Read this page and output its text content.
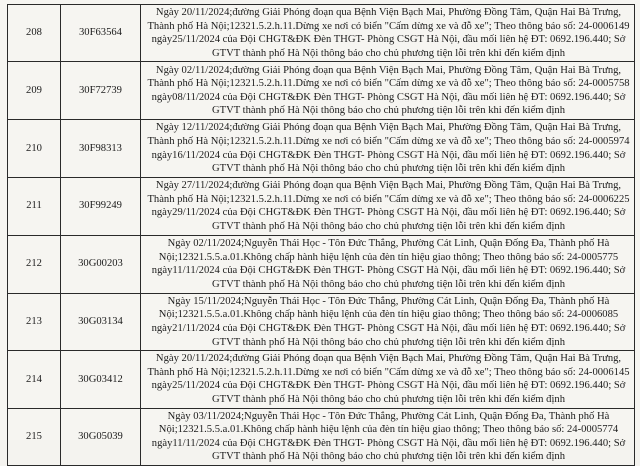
208	30F63564	Ngày 20/11/2024;đường Giải Phóng đoạn qua Bệnh Viện Bạch Mai, Phường Đồng Tâm, Quận Hai Bà Trưng, Thành phố Hà Nội;12321.5.2.h.11.Dừng xe nơi có biển "Cấm dừng xe và đỗ xe"; Theo thông báo số: 24-0006149 ngày25/11/2024 của Đội CHGT&ĐK Đèn THGT- Phòng CSGT Hà Nội, đầu mối liên hệ ĐT: 0692.196.440; Sở GTVT thành phố Hà Nội thông báo cho chủ phương tiện lỗi trên khi đến kiểm định
209	30F72739	Ngày 02/11/2024;đường Giải Phóng đoạn qua Bệnh Viện Bạch Mai, Phường Đồng Tâm, Quận Hai Bà Trưng, Thành phố Hà Nội;12321.5.2.h.11.Dừng xe nơi có biển "Cấm dừng xe và đỗ xe"; Theo thông báo số: 24-0005758 ngày08/11/2024 của Đội CHGT&ĐK Đèn THGT- Phòng CSGT Hà Nội, đầu mối liên hệ ĐT: 0692.196.440; Sở GTVT thành phố Hà Nội thông báo cho chủ phương tiện lỗi trên khi đến kiểm định
210	30F98313	Ngày 12/11/2024;đường Giải Phóng đoạn qua Bệnh Viện Bạch Mai, Phường Đồng Tâm, Quận Hai Bà Trưng, Thành phố Hà Nội;12321.5.2.h.11.Dừng xe nơi có biển "Cấm dừng xe và đỗ xe"; Theo thông báo số: 24-0005974 ngày16/11/2024 của Đội CHGT&ĐK Đèn THGT- Phòng CSGT Hà Nội, đầu mối liên hệ ĐT: 0692.196.440; Sở GTVT thành phố Hà Nội thông báo cho chủ phương tiện lỗi trên khi đến kiểm định
211	30F99249	Ngày 27/11/2024;đường Giải Phóng đoạn qua Bệnh Viện Bạch Mai, Phường Đồng Tâm, Quận Hai Bà Trưng, Thành phố Hà Nội;12321.5.2.h.11.Dừng xe nơi có biển "Cấm dừng xe và đỗ xe"; Theo thông báo số: 24-0006225 ngày29/11/2024 của Đội CHGT&ĐK Đèn THGT- Phòng CSGT Hà Nội, đầu mối liên hệ ĐT: 0692.196.440; Sở GTVT thành phố Hà Nội thông báo cho chủ phương tiện lỗi trên khi đến kiểm định
212	30G00203	Ngày 02/11/2024;Nguyễn Thái Học - Tôn Đức Thắng, Phường Cát Linh, Quận Đống Đa, Thành phố Hà Nội;12321.5.5.a.01.Không chấp hành hiệu lệnh của đèn tín hiệu giao thông; Theo thông báo số: 24-0005775 ngày11/11/2024 của Đội CHGT&ĐK Đèn THGT- Phòng CSGT Hà Nội, đầu mối liên hệ ĐT: 0692.196.440; Sở GTVT thành phố Hà Nội thông báo cho chủ phương tiện lỗi trên khi đến kiểm định
213	30G03134	Ngày 15/11/2024;Nguyễn Thái Học - Tôn Đức Thắng, Phường Cát Linh, Quận Đống Đa, Thành phố Hà Nội;12321.5.5.a.01.Không chấp hành hiệu lệnh của đèn tín hiệu giao thông; Theo thông báo số: 24-0006085 ngày21/11/2024 của Đội CHGT&ĐK Đèn THGT- Phòng CSGT Hà Nội, đầu mối liên hệ ĐT: 0692.196.440; Sở GTVT thành phố Hà Nội thông báo cho chủ phương tiện lỗi trên khi đến kiểm định
214	30G03412	Ngày 20/11/2024;đường Giải Phóng đoạn qua Bệnh Viện Bạch Mai, Phường Đồng Tâm, Quận Hai Bà Trưng, Thành phố Hà Nội;12321.5.2.h.11.Dừng xe nơi có biển "Cấm dừng xe và đỗ xe"; Theo thông báo số: 24-0006145 ngày25/11/2024 của Đội CHGT&ĐK Đèn THGT- Phòng CSGT Hà Nội, đầu mối liên hệ ĐT: 0692.196.440; Sở GTVT thành phố Hà Nội thông báo cho chủ phương tiện lỗi trên khi đến kiểm định
215	30G05039	Ngày 03/11/2024;Nguyễn Thái Học - Tôn Đức Thắng, Phường Cát Linh, Quận Đống Đa, Thành phố Hà Nội;12321.5.5.a.01.Không chấp hành hiệu lệnh của đèn tín hiệu giao thông; Theo thông báo số: 24-0005774 ngày11/11/2024 của Đội CHGT&ĐK Đèn THGT- Phòng CSGT Hà Nội, đầu mối liên hệ ĐT: 0692.196.440; Sở GTVT thành phố Hà Nội thông báo cho chủ phương tiện lỗi trên khi đến kiểm định
